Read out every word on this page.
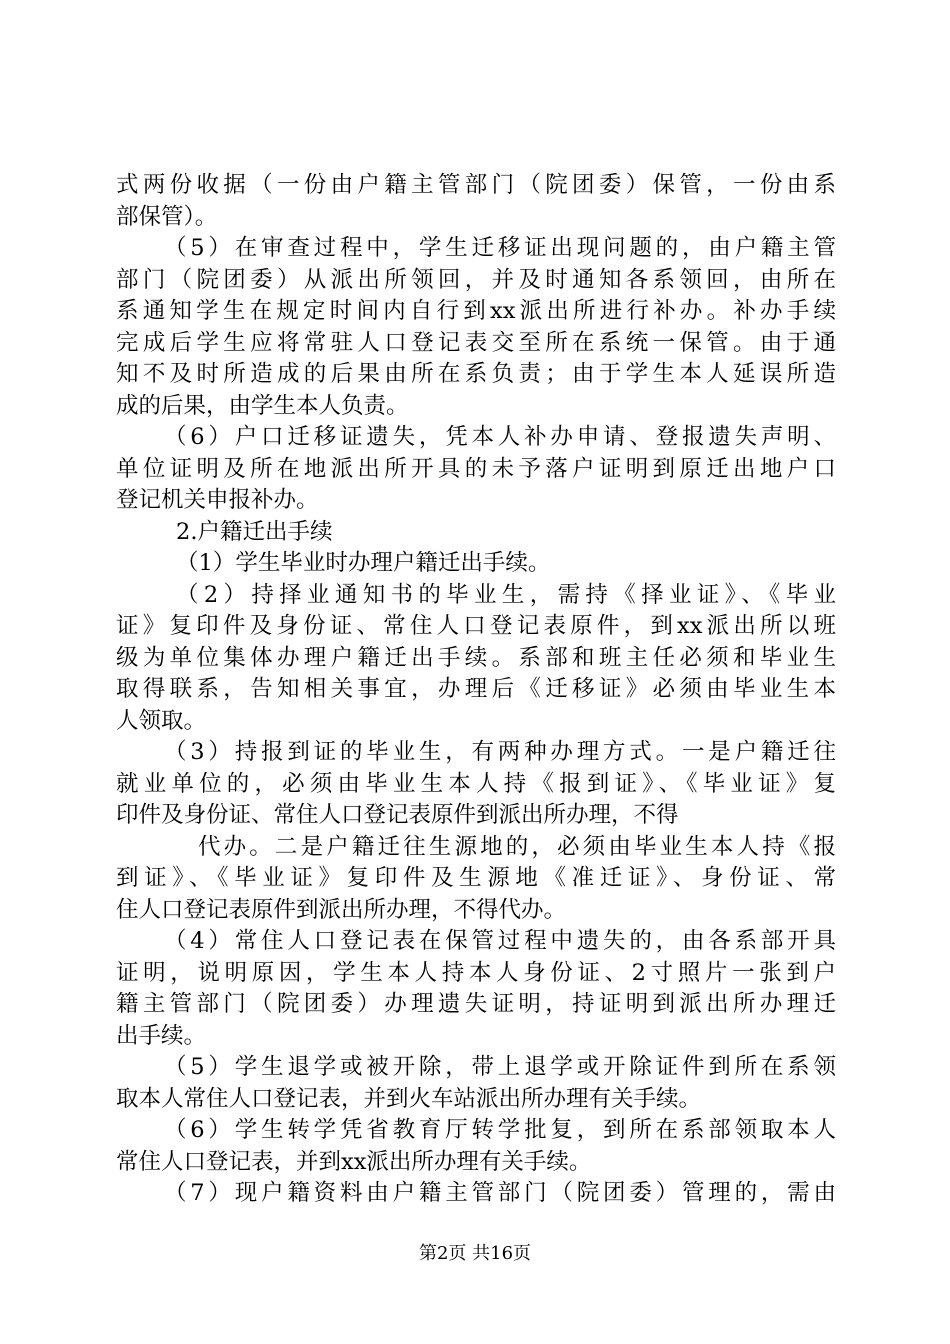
式两份收据（一份由户籍主管部门（院团委）保管，一份由系
部保管）。
（5）在审查过程中，学生迁移证出现问题的，由户籍主管
部门（院团委）从派出所领回，并及时通知各系领回，由所在
系通知学生在规定时间内自行到xx派出所进行补办。补办手续
完成后学生应将常驻人口登记表交至所在系统一保管。由于通
知不及时所造成的后果由所在系负责；由于学生本人延误所造
成的后果，由学生本人负责。
（6）户口迁移证遗失，凭本人补办申请、登报遗失声明、
单位证明及所在地派出所开具的未予落户证明到原迁出地户口
登记机关申报补办。
2.户籍迁出手续
（1）学生毕业时办理户籍迁出手续。
（2）持择业通知书的毕业生，需持《择业证》、《毕业
证》复印件及身份证、常住人口登记表原件，到xx派出所以班
级为单位集体办理户籍迁出手续。系部和班主任必须和毕业生
取得联系，告知相关事宜，办理后《迁移证》必须由毕业生本
人领取。
（3）持报到证的毕业生，有两种办理方式。一是户籍迁往
就业单位的，必须由毕业生本人持《报到证》、《毕业证》复
印件及身份证、常住人口登记表原件到派出所办理，不得
代办。二是户籍迁往生源地的，必须由毕业生本人持《报
到证》、《毕业证》复印件及生源地《准迁证》、身份证、常
住人口登记表原件到派出所办理，不得代办。
（4）常住人口登记表在保管过程中遗失的，由各系部开具
证明，说明原因，学生本人持本人身份证、2寸照片一张到户
籍主管部门（院团委）办理遗失证明，持证明到派出所办理迁
出手续。
（5）学生退学或被开除，带上退学或开除证件到所在系领
取本人常住人口登记表，并到火车站派出所办理有关手续。
（6）学生转学凭省教育厅转学批复，到所在系部领取本人
常住人口登记表，并到xx派出所办理有关手续。
（7）现户籍资料由户籍主管部门（院团委）管理的，需由
第2页 共16页
